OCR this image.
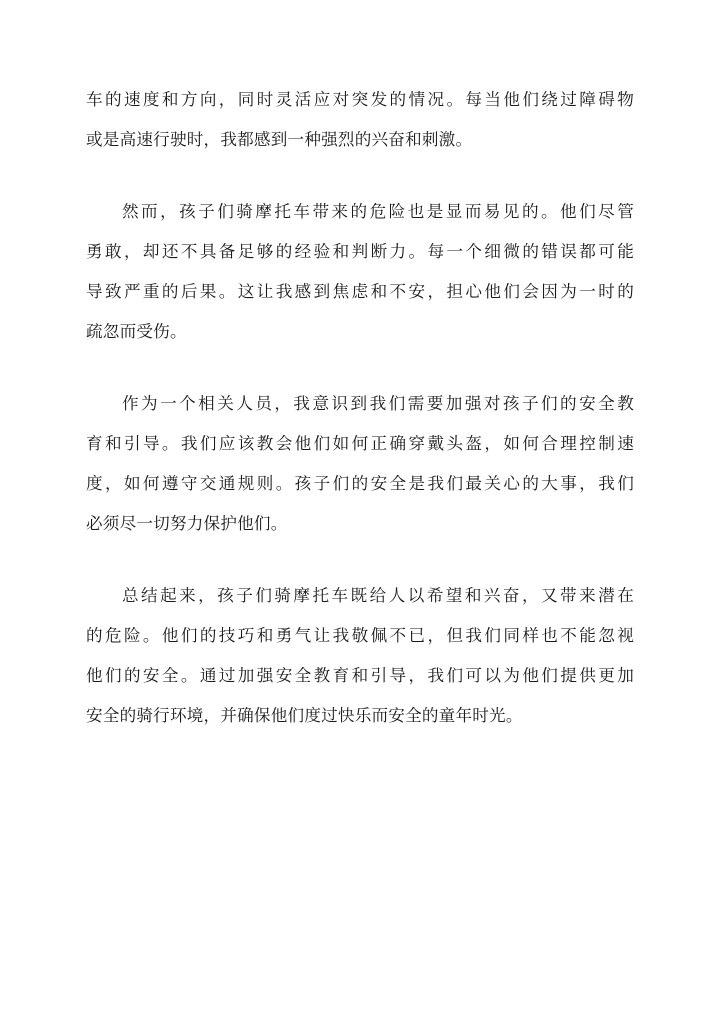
车的速度和方向，同时灵活应对突发的情况。每当他们绕过障碍物

或是高速行驶时，我都感到一种强烈的兴奋和刺激。

然而，孩子们骑摩托车带来的危险也是显而易见的。他们尽管

勇敢，却还不具备足够的经验和判断力。每一个细微的错误都可能

导致严重的后果。这让我感到焦虑和不安，担心他们会因为一时的

疏忽而受伤。

作为一个相关人员，我意识到我们需要加强对孩子们的安全教

育和引导。我们应该教会他们如何正确穿戴头盔，如何合理控制速

度，如何遵守交通规则。孩子们的安全是我们最关心的大事，我们

必须尽一切努力保护他们。

总结起来，孩子们骑摩托车既给人以希望和兴奋，又带来潜在

的危险。他们的技巧和勇气让我敬佩不已，但我们同样也不能忽视

他们的安全。通过加强安全教育和引导，我们可以为他们提供更加

安全的骑行环境，并确保他们度过快乐而安全的童年时光。
